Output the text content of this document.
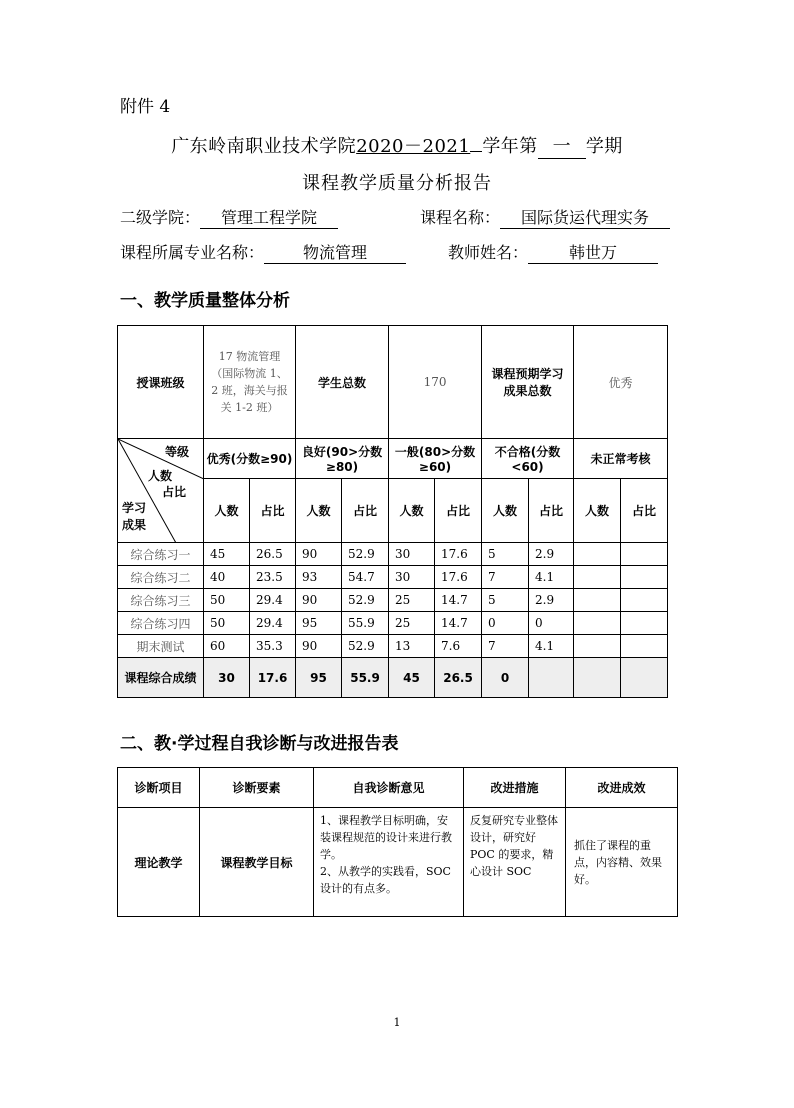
附件 4
广东岭南职业技术学院2020－2021 学年第 一 学期
课程教学质量分析报告
二级学院： 管理工程学院	课程名称： 国际货运代理实务
课程所属专业名称： 物流管理	教师姓名：	韩世万
一、教学质量整体分析
授课班级	17 物流管理（国际物流 1、2 班，海关与报关 1-2 班）		学生总数		170		课程预期学习成果总数		优秀	

等级
人数
占比
学习成果	优秀(分数≥90)		良好(90>分数≥80)		一般(80>分数≥60)		不合格(分数<60)		未正常考核	
	人数	占比	人数	占比	人数	占比	人数	占比	人数	占比
综合练习一	45	26.5	90	52.9	30	17.6	5	2.9		
综合练习二	40	23.5	93	54.7	30	17.6	7	4.1		
综合练习三	50	29.4	90	52.9	25	14.7	5	2.9		
综合练习四	50	29.4	95	55.9	25	14.7	0	0		
期末测试	60	35.3	90	52.9	13	7.6	7	4.1		
课程综合成绩	30	17.6	95	55.9	45	26.5	0			
二、教·学过程自我诊断与改进报告表
诊断项目	诊断要素	自我诊断意见	改进措施	改进成效
理论教学	课程教学目标	1、课程教学目标明确，安装课程规范的设计来进行教学。
2、从教学的实践看，SOC 设计的有点多。	反复研究专业整体设计，研究好 POC 的要求，精心设计 SOC	抓住了课程的重点，内容精、效果好。
1
